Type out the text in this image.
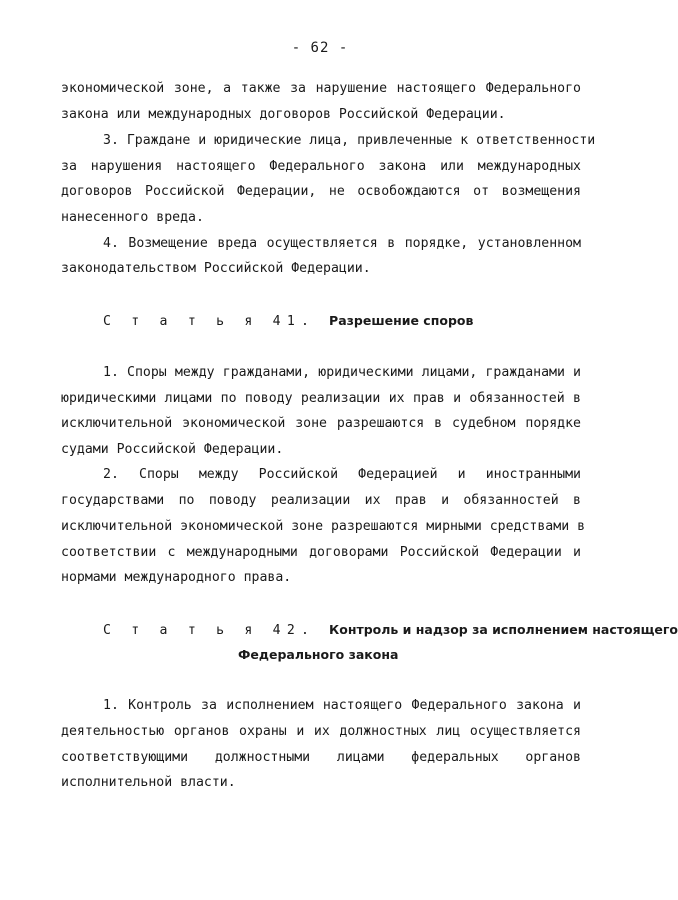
- 62 -
экономической зоне, а также за нарушение настоящего Федерального
закона или международных договоров Российской Федерации.
3. Граждане и юридические лица, привлеченные к ответственности
за нарушения настоящего Федерального закона или международных
договоров Российской Федерации, не освобождаются от возмещения
нанесенного вреда.
4. Возмещение вреда осуществляется в порядке, установленном
законодательством Российской Федерации.
С т а т ь я 41. Разрешение споров
1. Споры между гражданами, юридическими лицами, гражданами и
юридическими лицами по поводу реализации их прав и обязанностей в
исключительной экономической зоне разрешаются в судебном порядке
судами Российской Федерации.
2. Споры между Российской Федерацией и иностранными
государствами по поводу реализации их прав и обязанностей в
исключительной экономической зоне разрешаются мирными средствами в
соответствии с международными договорами Российской Федерации и
нормами международного права.
С т а т ь я 42. Контроль и надзор за исполнением настоящего
Федерального закона
1. Контроль за исполнением настоящего Федерального закона и
деятельностью органов охраны и их должностных лиц осуществляется
соответствующими должностными лицами федеральных органов
исполнительной власти.
